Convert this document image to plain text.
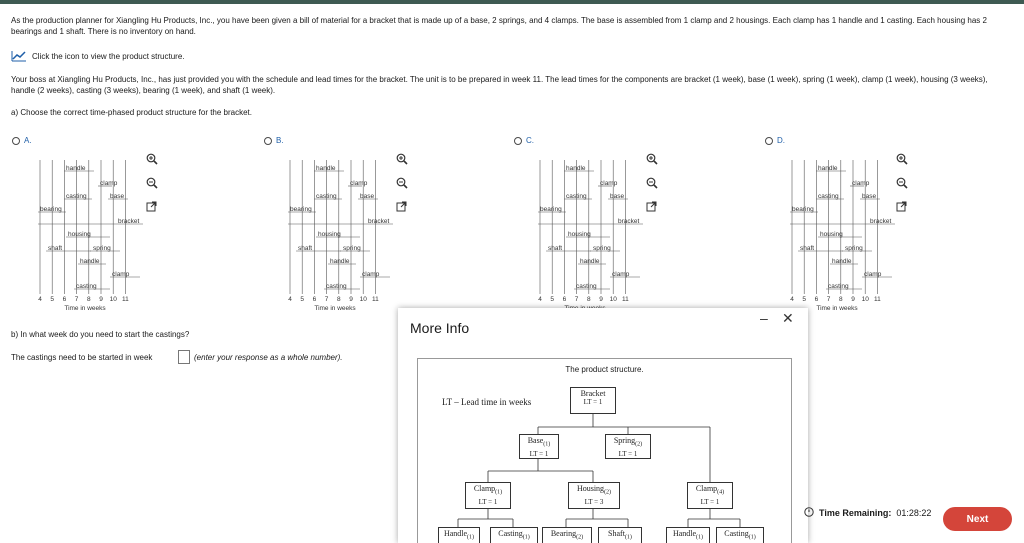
As the production planner for Xiangling Hu Products, Inc., you have been given a bill of material for a bracket that is made up of a base, 2 springs, and 4 clamps. The base is assembled from 1 clamp and 2 housings. Each clamp has 1 handle and 1 casting. Each housing has 2 bearings and 1 shaft. There is no inventory on hand.
Click the icon to view the product structure.
Your boss at Xiangling Hu Products, Inc., has just provided you with the schedule and lead times for the bracket. The unit is to be prepared in week 11. The lead times for the components are bracket (1 week), base (1 week), spring (1 week), clamp (1 week), housing (3 weeks), handle (2 weeks), casting (3 weeks), bearing (1 week), and shaft (1 week).
a) Choose the correct time-phased product structure for the bracket.
A.	B.	C.	D.
handle
clamp
casting	base
bearing
bracket
housing
shaft	spring
handle
clamp
casting
4 5 6 7 8 9 10 11
Time in weeks
handle
clamp
casting	base
bearing
bracket
housing
shaft	spring
handle
clamp
casting
4 5 6 7 8 9 10 11
Time in weeks
handle
clamp
casting	base
bearing
bracket
housing
shaft	spring
handle
clamp
casting
4 5 6 7 8 9 10 11
handle
clamp
casting	base
bearing
bracket
housing
shaft	spring
handle
clamp
casting
4 5 6 7 8 9 10 11
Time in weeks
b) In what week do you need to start the castings?
The castings need to be started in week	(enter your response as a whole number).
More Info
– ✕
The product structure.
LT – Lead time in weeks
Bracket
LT = 1
Base$_{(1)}$
LT = 1
Spring$_{(2)}$
LT = 1
Clamp$_{(1)}$
LT = 1
Housing$_{(2)}$
LT = 3
Clamp$_{(4)}$
LT = 1
Handle$_{(1)}$	Casting$_{(1)}$	Bearing$_{(2)}$	Shaft$_{(1)}$	Handle$_{(1)}$	Casting$_{(1)}$
Time Remaining: 01:28:22
Next
